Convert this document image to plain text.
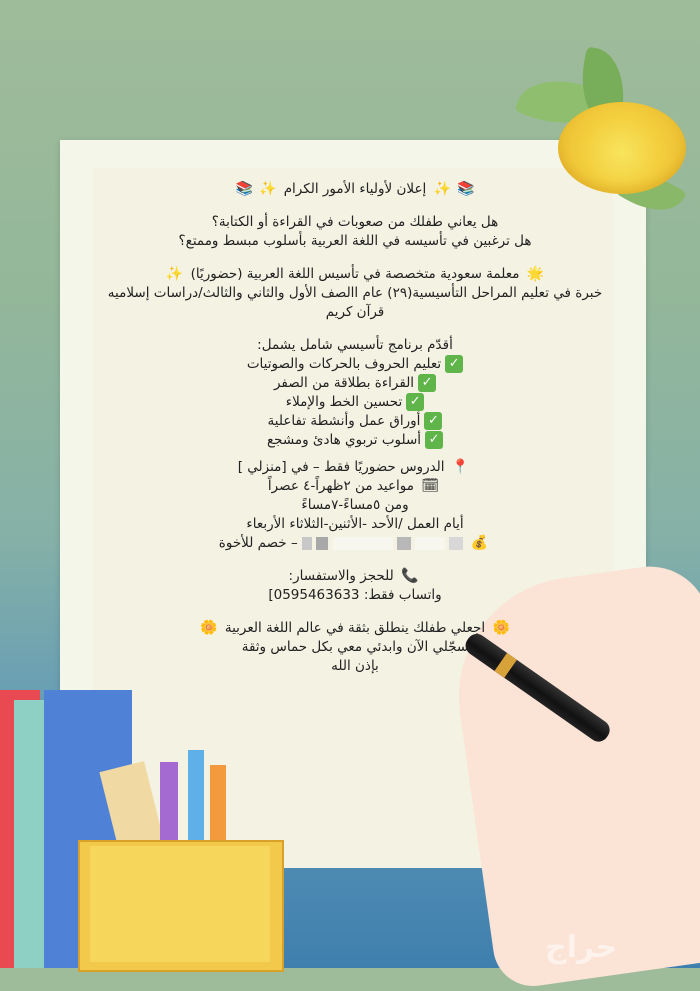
📚✨ إعلان لأولياء الأمور الكرام ✨📚

هل يعاني طفلك من صعوبات في القراءة أو الكتابة؟

هل ترغبين في تأسيسه في اللغة العربية بأسلوب مبسط وممتع؟

🌟 معلمة سعودية متخصصة في تأسيس اللغة العربية (حضوريًا) ✨

خبرة في تعليم المراحل التأسيسية(٢٩) عام االصف الأول والثاني والثالث/دراسات إسلاميه

قرآن كريم

أقدّم برنامج تأسيسي شامل يشمل:

✓تعليم الحروف بالحركات والصوتيات

✓القراءة بطلاقة من الصفر

✓تحسين الخط والإملاء

✓أوراق عمل وأنشطة تفاعلية

✓أسلوب تربوي هادئ ومشجع

📍 الدروس حضوريًا فقط – في [منزلي ]

🗓 مواعيد من ٢ظهراً-٤ عصراً

ومن ٥مساءً-٧مساءً

أيام العمل /الأحد -الأثنين-الثلاثاء الأربعاء

💰       – خصم للأخوة

📞 للحجز والاستفسار:

واتساب فقط: 0595463633]

🌼 اجعلي طفلك ينطلق بثقة في عالم اللغة العربية 🌼

سجّلي الآن وابدئي معي بكل حماس وثقة

بإذن الله

حراج
